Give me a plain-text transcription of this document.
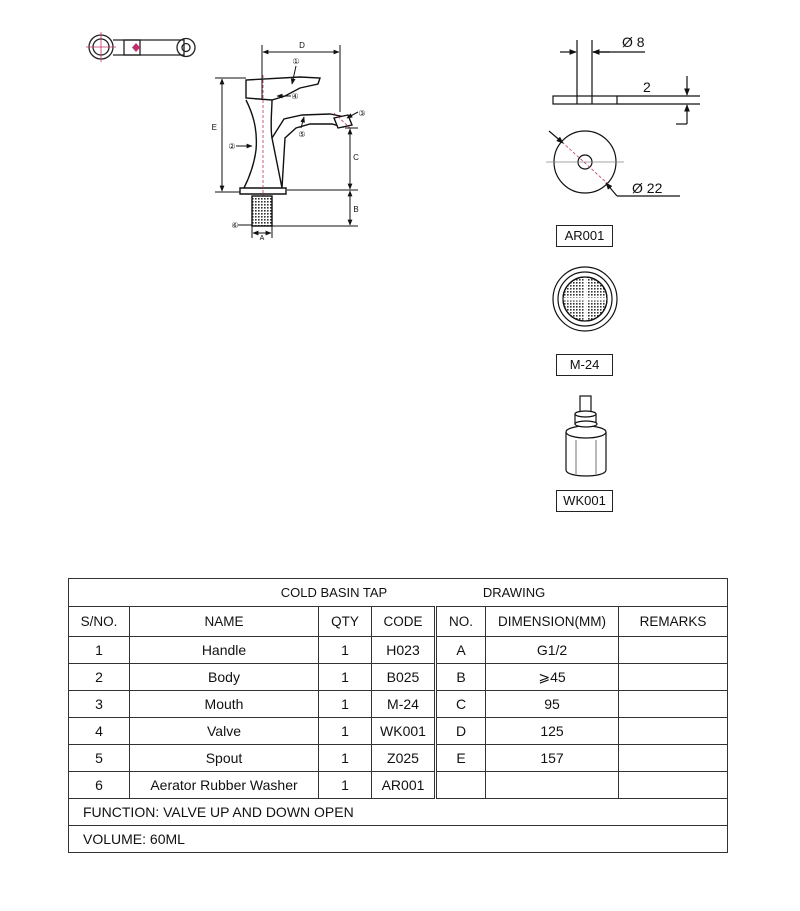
D
E
C
B
A
①
②
③
④
⑤
⑥
Ø 8
2
Ø 22
AR001
M-24
WK001
COLD BASIN TAP DRAWING						
S/NO.	NAME	QTY	CODE	NO.	DIMENSION(MM)	REMARKS
1	Handle	1	H023	A	G1/2	
2	Body	1	B025	B	⩾45	
3	Mouth	1	M-24	C	95	
4	Valve	1	WK001	D	125	
5	Spout	1	Z025	E	157	
6	Aerator Rubber Washer	1	AR001			
FUNCTION: VALVE UP AND DOWN OPEN						
VOLUME: 60ML						
